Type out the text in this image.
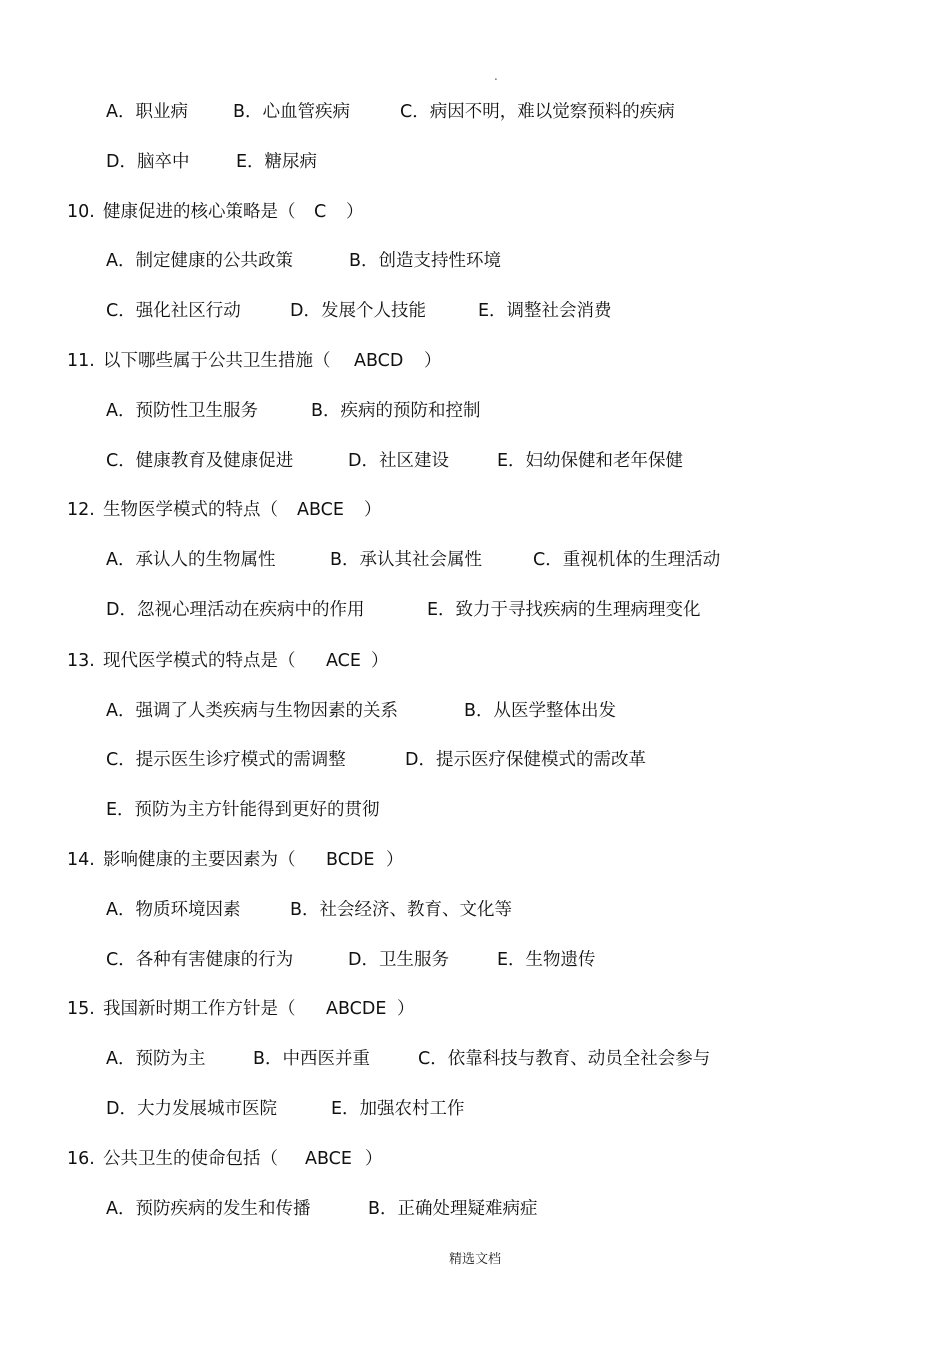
.
A．职业病	B．心血管疾病	C．病因不明，难以觉察预料的疾病
D．脑卒中	E．糖尿病
10. 健康促进的核心策略是（ C ）
A．制定健康的公共政策	B．创造支持性环境
C．强化社区行动	D．发展个人技能	E．调整社会消费
11. 以下哪些属于公共卫生措施（ ABCD ）
A．预防性卫生服务	B．疾病的预防和控制
C．健康教育及健康促进	D．社区建设	E．妇幼保健和老年保健
12. 生物医学模式的特点（ ABCE ）
A．承认人的生物属性	B．承认其社会属性	C．重视机体的生理活动
D．忽视心理活动在疾病中的作用	E．致力于寻找疾病的生理病理变化
13. 现代医学模式的特点是（ ACE ）
A．强调了人类疾病与生物因素的关系	B．从医学整体出发
C．提示医生诊疗模式的需调整	D．提示医疗保健模式的需改革
E．预防为主方针能得到更好的贯彻
14. 影响健康的主要因素为（ BCDE ）
A．物质环境因素	B．社会经济、教育、文化等
C．各种有害健康的行为	D．卫生服务	E．生物遗传
15. 我国新时期工作方针是（ ABCDE ）
A．预防为主	B．中西医并重	C．依靠科技与教育、动员全社会参与
D．大力发展城市医院	E．加强农村工作
16. 公共卫生的使命包括（ ABCE ）
A．预防疾病的发生和传播	B．正确处理疑难病症
精选文档
